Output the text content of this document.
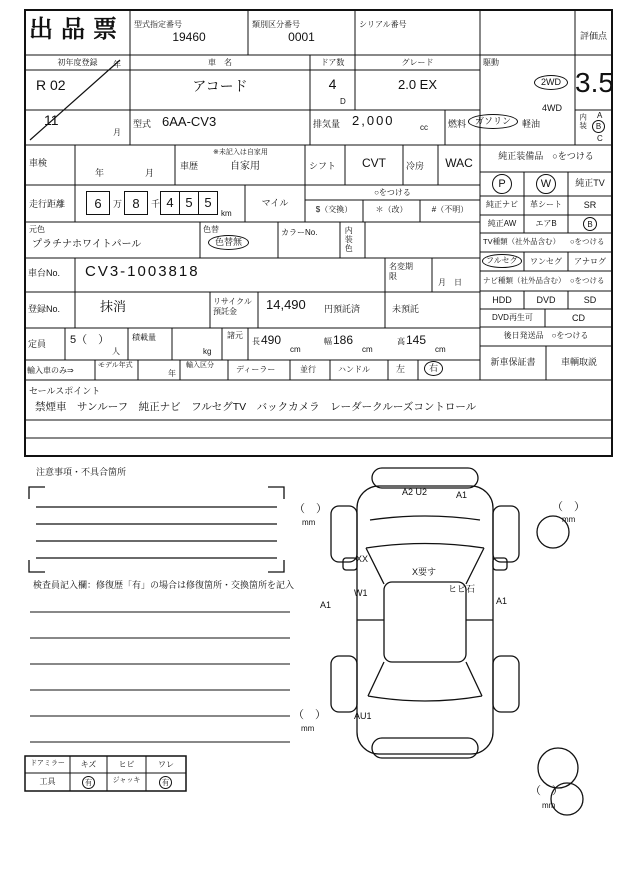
出品票 型式指定番号
19460
類別区分番号
0001
シリアル番号
評価点
3.5
初年度登録
R 02
年
11
月
車　名
アコード
ドア数
4
D
グレード
2.0 EX
駆動
2WD
4WD
型式 6AA-CV3	排気量 2,000	cc 燃料 ガソリン	軽油	内装 A
B
C
車検
年	月
車歴
※未記入は自家用
自家用	シフト	CVT	冷房	WAC
走行距離	6	万 8	千 4 5 5
km
マイル
○をつける
$（交換）	＊（改）	#（不明）
元色
プラチナホワイトパール
色替
色替無
カラーNo.	内装色
車台No. CV3-1003818	名変期限
月　日
登録No.	抹消	リサイクル預託金	14,490 円預託済	未預託
定員 5（　）
人
積載量
kg
諸元
長 490
cm
幅 186
cm
高 145
cm
輸入車のみ⇒
モデル年式
年
輸入区分	ディーラー	並行	ハンドル	左	右
セールスポイント
禁煙車　サンルーフ　純正ナビ　フルセグTV　バックカメラ　レーダークルーズコントロール
純正装備品　○をつける
P	W	純正TV
純正ナビ	革シート	SR
純正AW	エアB	B
TV種類（社外品含む） ○をつける
フルセグ	ワンセグ	アナログ
ナビ種類（社外品含む） ○をつける
HDD	DVD	SD
DVD再生可	CD
後日発送品　○をつける
新車保証書	車輌取説
注意事項・不具合箇所
検査員記入欄：修復歴「有」の場合は修復箇所・交換箇所を記入
ドアミラー	キズ	ヒビ	ワレ
工具	有	ジャッキ	有
A2 U2	A1
XX
X要す
ヒビ石
W1
A1	A1
AU1
（　）
mm
（　）
mm
（　）
mm
（　）
mm
